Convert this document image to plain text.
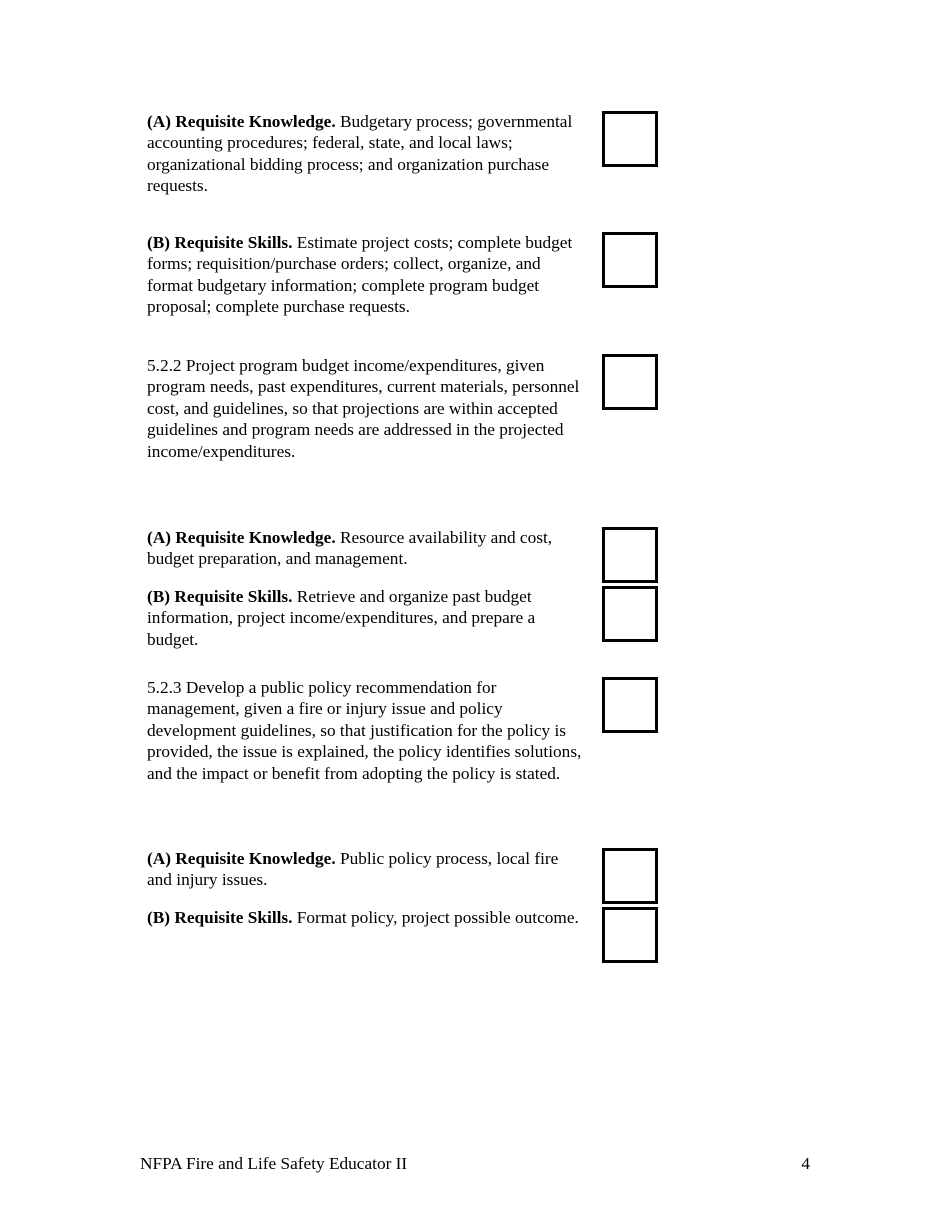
(A) Requisite Knowledge. Budgetary process; governmental accounting procedures; federal, state, and local laws; organizational bidding process; and organization purchase requests.

(B) Requisite Skills. Estimate project costs; complete budget forms; requisition/purchase orders; collect, organize, and format budgetary information; complete program budget proposal; complete purchase requests.

5.2.2 Project program budget income/expenditures, given program needs, past expenditures, current materials, personnel cost, and guidelines, so that projections are within accepted guidelines and program needs are addressed in the projected income/expenditures.

(A) Requisite Knowledge. Resource availability and cost, budget preparation, and management.

(B) Requisite Skills. Retrieve and organize past budget information, project income/expenditures, and prepare a budget.

5.2.3 Develop a public policy recommendation for management, given a fire or injury issue and policy development guidelines, so that justification for the policy is provided, the issue is explained, the policy identifies solutions, and the impact or benefit from adopting the policy is stated.

(A) Requisite Knowledge. Public policy process, local fire and injury issues.

(B) Requisite Skills. Format policy, project possible outcome.

NFPA Fire and Life Safety Educator II	4
